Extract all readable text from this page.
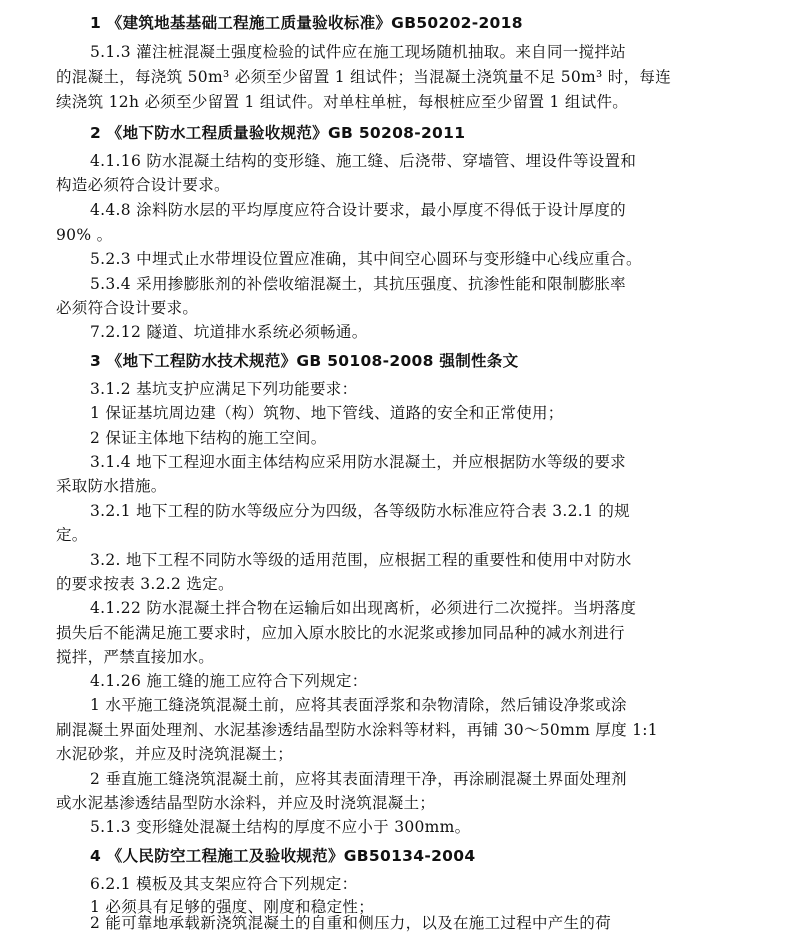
1 《建筑地基基础工程施工质量验收标准》GB50202-2018
5.1.3 灌注桩混凝土强度检验的试件应在施工现场随机抽取。来自同一搅拌站
的混凝土，每浇筑 50m³ 必须至少留置 1 组试件；当混凝土浇筑量不足 50m³ 时，每连
续浇筑 12h 必须至少留置 1 组试件。对单柱单桩，每根桩应至少留置 1 组试件。
2 《地下防水工程质量验收规范》GB 50208-2011
4.1.16 防水混凝土结构的变形缝、施工缝、后浇带、穿墙管、埋设件等设置和
构造必须符合设计要求。
4.4.8 涂料防水层的平均厚度应符合设计要求，最小厚度不得低于设计厚度的
90% 。
5.2.3 中埋式止水带埋设位置应准确，其中间空心圆环与变形缝中心线应重合。
5.3.4 采用掺膨胀剂的补偿收缩混凝土，其抗压强度、抗渗性能和限制膨胀率
必须符合设计要求。
7.2.12 隧道、坑道排水系统必须畅通。
3 《地下工程防水技术规范》GB 50108-2008 强制性条文
3.1.2 基坑支护应满足下列功能要求：
1 保证基坑周边建（构）筑物、地下管线、道路的安全和正常使用；
2 保证主体地下结构的施工空间。
3.1.4 地下工程迎水面主体结构应采用防水混凝土，并应根据防水等级的要求
采取防水措施。
3.2.1 地下工程的防水等级应分为四级，各等级防水标准应符合表 3.2.1 的规
定。
3.2. 地下工程不同防水等级的适用范围，应根据工程的重要性和使用中对防水
的要求按表 3.2.2 选定。
4.1.22 防水混凝土拌合物在运输后如出现离析，必须进行二次搅拌。当坍落度
损失后不能满足施工要求时，应加入原水胶比的水泥浆或掺加同品种的减水剂进行
搅拌，严禁直接加水。
4.1.26 施工缝的施工应符合下列规定：
1 水平施工缝浇筑混凝土前，应将其表面浮浆和杂物清除，然后铺设净浆或涂
刷混凝土界面处理剂、水泥基渗透结晶型防水涂料等材料，再铺 30～50mm 厚度 1:1
水泥砂浆，并应及时浇筑混凝土；
2 垂直施工缝浇筑混凝土前，应将其表面清理干净，再涂刷混凝土界面处理剂
或水泥基渗透结晶型防水涂料，并应及时浇筑混凝土；
5.1.3 变形缝处混凝土结构的厚度不应小于 300mm。
4 《人民防空工程施工及验收规范》GB50134-2004
6.2.1 模板及其支架应符合下列规定：
1 必须具有足够的强度、刚度和稳定性；
2 能可靠地承载新浇筑混凝土的自重和侧压力，以及在施工过程中产生的荷
